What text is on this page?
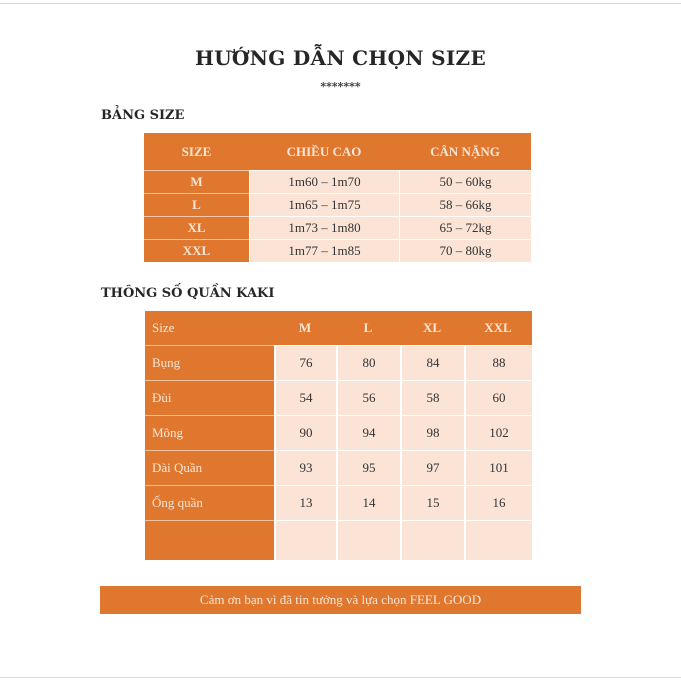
HƯỚNG DẪN CHỌN SIZE
*******
BẢNG SIZE
SIZE	CHIỀU CAO	CÂN NẶNG
M	1m60 – 1m70	50 – 60kg
L	1m65 – 1m75	58 – 66kg
XL	1m73 – 1m80	65 – 72kg
XXL	1m77 – 1m85	70 – 80kg
THÔNG SỐ QUẦN KAKI
Size	M	L	XL	XXL
Bụng	76	80	84	88
Đùi	54	56	58	60
Mông	90	94	98	102
Dài Quần	93	95	97	101
Ống quần	13	14	15	16

Cảm ơn bạn vì đã tin tưởng và lựa chọn FEEL GOOD
